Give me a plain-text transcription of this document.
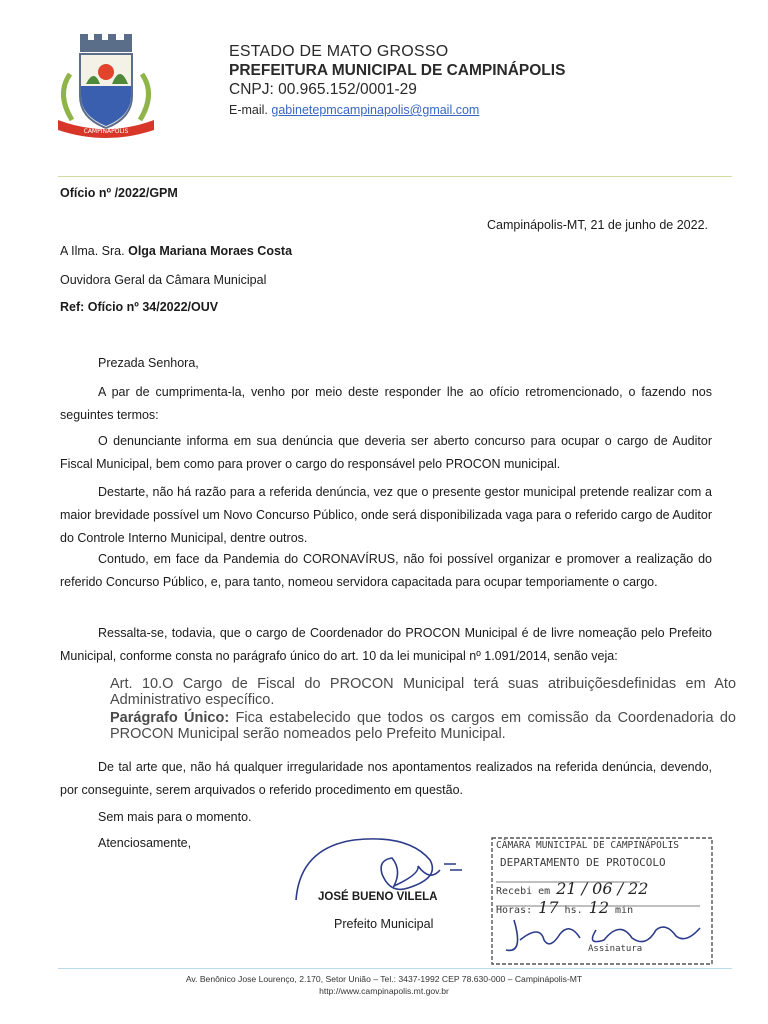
CAMPINÁPOLIS
ESTADO DE MATO GROSSO
PREFEITURA MUNICIPAL DE CAMPINÁPOLIS
CNPJ: 00.965.152/0001-29
E-mail. gabinetepmcampinapolis@gmail.com
Ofício nº /2022/GPM
Campinápolis-MT, 21 de junho de 2022.
A Ilma. Sra. Olga Mariana Moraes Costa
Ouvidora Geral da Câmara Municipal
Ref: Ofício nº 34/2022/OUV
Prezada Senhora,
A par de cumprimenta-la, venho por meio deste responder lhe ao ofício retromencionado, o fazendo nos seguintes termos:
O denunciante informa em sua denúncia que deveria ser aberto concurso para ocupar o cargo de Auditor Fiscal Municipal, bem como para prover o cargo do responsável pelo PROCON municipal.
Destarte, não há razão para a referida denúncia, vez que o presente gestor municipal pretende realizar com a maior brevidade possível um Novo Concurso Público, onde será disponibilizada vaga para o referido cargo de Auditor do Controle Interno Municipal, dentre outros.
Contudo, em face da Pandemia do CORONAVÍRUS, não foi possível organizar e promover a realização do referido Concurso Público, e, para tanto, nomeou servidora capacitada para ocupar temporiamente o cargo.
Ressalta-se, todavia, que o cargo de Coordenador do PROCON Municipal é de livre nomeação pelo Prefeito Municipal, conforme consta no parágrafo único do art. 10 da lei municipal nº 1.091/2014, senão veja:
Art. 10.O Cargo de Fiscal do PROCON Municipal terá suas atribuiçõesdefinidas em Ato Administrativo específico.
Parágrafo Único: Fica estabelecido que todos os cargos em comissão da Coordenadoria do PROCON Municipal serão nomeados pelo Prefeito Municipal.
De tal arte que, não há qualquer irregularidade nos apontamentos realizados na referida denúncia, devendo, por conseguinte, serem arquivados o referido procedimento em questão.
Sem mais para o momento.
Atenciosamente,
JOSÉ BUENO VILELA
Prefeito Municipal
CÂMARA MUNICIPAL DE CAMPINÁPOLIS
DEPARTAMENTO DE PROTOCOLO
Recebi em 21 / 06 / 22
Horas: 17 hs. 12 min
Assinatura
Av. Benônico Jose Lourenço, 2.170, Setor União – Tel.: 3437-1992 CEP 78.630-000 – Campinápolis-MT
http://www.campinapolis.mt.gov.br
